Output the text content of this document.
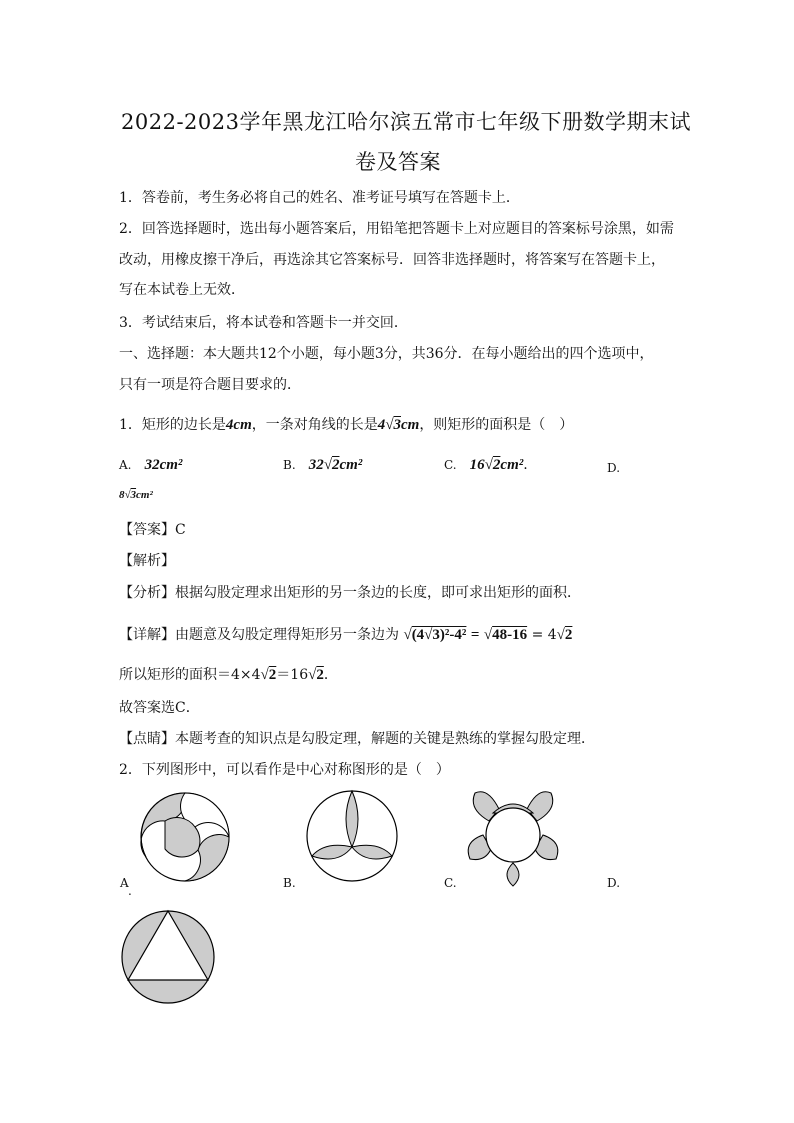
2022-2023学年黑龙江哈尔滨五常市七年级下册数学期末试
卷及答案
1．答卷前，考生务必将自己的姓名、准考证号填写在答题卡上．
2．回答选择题时，选出每小题答案后，用铅笔把答题卡上对应题目的答案标号涂黑，如需
改动，用橡皮擦干净后，再选涂其它答案标号．回答非选择题时，将答案写在答题卡上，
写在本试卷上无效．
3．考试结束后，将本试卷和答题卡一并交回．
一、选择题：本大题共12个小题，每小题3分，共36分．在每小题给出的四个选项中，
只有一项是符合题目要求的．
1．矩形的边长是4cm，一条对角线的长是4√3cm，则矩形的面积是（　）
A. 32cm²	B. 32√2cm²	C. 16√2cm².	D.
8√3cm²
【答案】C
【解析】
【分析】根据勾股定理求出矩形的另一条边的长度，即可求出矩形的面积．
【详解】由题意及勾股定理得矩形另一条边为 √(4√3)²-4² = √48-16 = 4√2
所以矩形的面积＝4×4√2＝16√2．
故答案选C．
【点睛】本题考查的知识点是勾股定理，解题的关键是熟练的掌握勾股定理．
2．下列图形中，可以看作是中心对称图形的是（　）
A
.
B.	C.	D.
